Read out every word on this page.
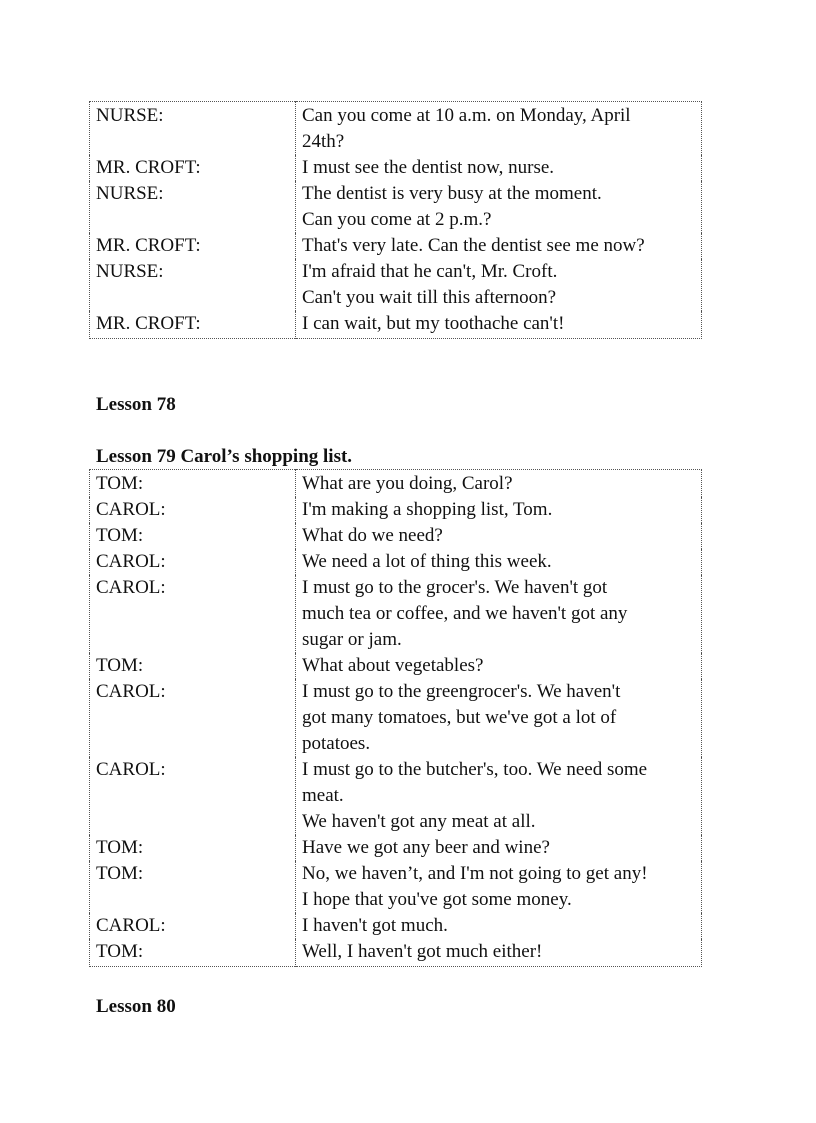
NURSE:	Can you come at 10 a.m. on Monday, April
24th?

MR. CROFT:	I must see the dentist now, nurse.

NURSE:	The dentist is very busy at the moment.
Can you come at 2 p.m.?

MR. CROFT:	That's very late. Can the dentist see me now?

NURSE:	I'm afraid that he can't, Mr. Croft.
Can't you wait till this afternoon?

MR. CROFT:	I can wait, but my toothache can't!
Lesson 78
Lesson 79 Carol’s shopping list.
TOM:	What are you doing, Carol?

CAROL:	I'm making a shopping list, Tom.

TOM:	What do we need?

CAROL:	We need a lot of thing this week.

CAROL:	I must go to the grocer's. We haven't got
much tea or coffee, and we haven't got any
sugar or jam.

TOM:	What about vegetables?

CAROL:	I must go to the greengrocer's. We haven't
got many tomatoes, but we've got a lot of
potatoes.

CAROL:	I must go to the butcher's, too. We need some
meat.
We haven't got any meat at all.

TOM:	Have we got any beer and wine?

TOM:	No, we haven’t, and I'm not going to get any!
I hope that you've got some money.

CAROL:	I haven't got much.

TOM:	Well, I haven't got much either!
Lesson 80
